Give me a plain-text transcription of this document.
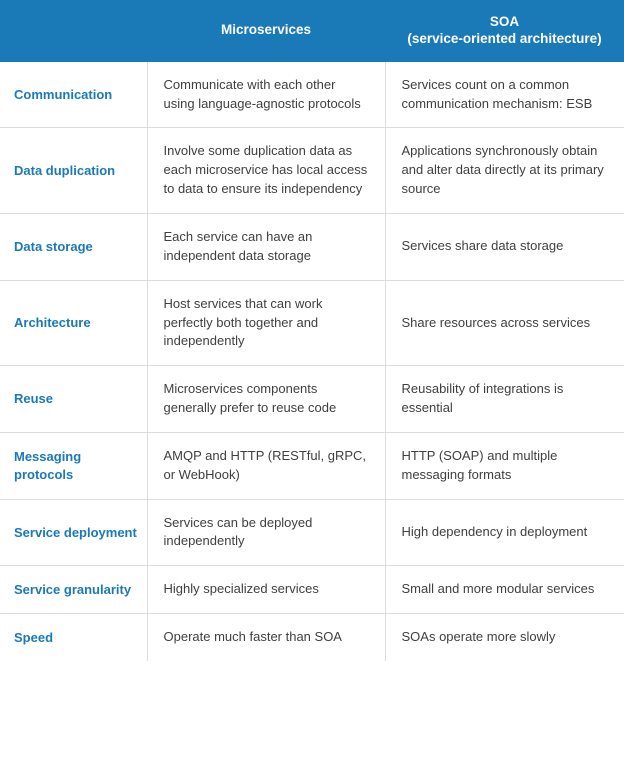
	Microservices	SOA
(service-oriented architecture)

Communication	Communicate with each other using language-agnostic protocols	Services count on a common communication mechanism: ESB
Data duplication	Involve some duplication data as each microservice has local access to data to ensure its independency	Applications synchronously obtain and alter data directly at its primary source
Data storage	Each service can have an independent data storage	Services share data storage
Architecture	Host services that can work perfectly both together and independently	Share resources across services
Reuse	Microservices components generally prefer to reuse code	Reusability of integrations is essential
Messaging protocols	AMQP and HTTP (RESTful, gRPC, or WebHook)	HTTP (SOAP) and multiple messaging formats
Service deployment	Services can be deployed independently	High dependency in deployment
Service granularity	Highly specialized services	Small and more modular services
Speed	Operate much faster than SOA	SOAs operate more slowly
